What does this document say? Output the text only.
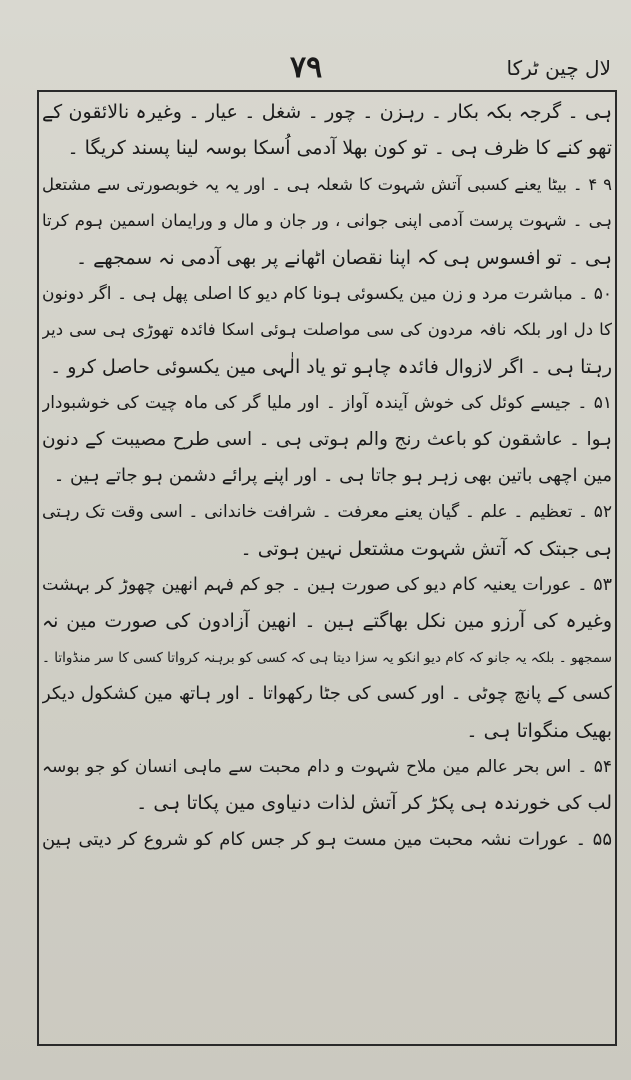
۷۹	لال چین ٹرکا
ہی ۔ گرجہ بکہ بکار ۔ رہزن ۔ چور ۔ شغل ۔ عیار ۔ وغیرہ نالائقون کے
تھو کنے کا ظرف ہی ۔ تو کون بھلا آدمی اُسکا بوسہ لینا پسند کریگا ۔
۹ ۴ ۔ بیٹا یعنے کسبی آتش شہوت کا شعلہ ہی ۔ اور یہ یہ خوبصورتی سے مشتعل
ہی ۔ شہوت پرست آدمی اپنی جوانی ، ور جان و مال و ورایمان اسمین ہوم کرتا
ہی ۔ تو افسوس ہی کہ اپنا نقصان اٹھانے پر بھی آدمی نہ سمجھے ۔
۵۰ ۔ مباشرت مرد و زن مین یکسوئی ہونا کام دیو کا اصلی پھل ہی ۔ اگر دونون
کا دل اور بلکہ نافہ مردون کی سی مواصلت ہوئی اسکا فائدہ تھوڑی ہی سی دیر
رہتا ہی ۔ اگر لازوال فائدہ چاہو تو یاد الٰہی مین یکسوئی حاصل کرو ۔
۵۱ ۔ جیسے کوئل کی خوش آیندہ آواز ۔ اور ملیا گر کی ماہ چیت کی خوشبودار
ہوا ۔ عاشقون کو باعث رنج والم ہوتی ہی ۔ اسی طرح مصیبت کے دنون
مین اچھی باتین بھی زہر ہو جاتا ہی ۔ اور اپنے پرائے دشمن ہو جاتے ہین ۔
۵۲ ۔ تعظیم ۔ علم ۔ گیان یعنے معرفت ۔ شرافت خاندانی ۔ اسی وقت تک رہتی
ہی جبتک کہ آتش شہوت مشتعل نہین ہوتی ۔
۵۳ ۔ عورات یعنیہ کام دیو کی صورت ہین ۔ جو کم فہم انھین چھوڑ کر بہشت
وغیرہ کی آرزو مین نکل بھاگتے ہین ۔ انھین آزادون کی صورت مین نہ
سمجھو ۔ بلکہ یہ جانو کہ کام دیو انکو یہ سزا دیتا ہی کہ کسی کو برہنہ کرواتا کسی کا سر منڈواتا ۔
کسی کے پانچ چوٹی ۔ اور کسی کی جٹا رکھواتا ۔ اور ہاتھ مین کشکول دیکر
بھیک منگواتا ہی ۔
۵۴ ۔ اس بحر عالم مین ملاح شہوت و دام محبت سے ماہی انسان کو جو بوسہ
لب کی خورندہ ہی پکڑ کر آتش لذات دنیاوی مین پکاتا ہی ۔
۵۵ ۔ عورات نشہ محبت مین مست ہو کر جس کام کو شروع کر دیتی ہین
